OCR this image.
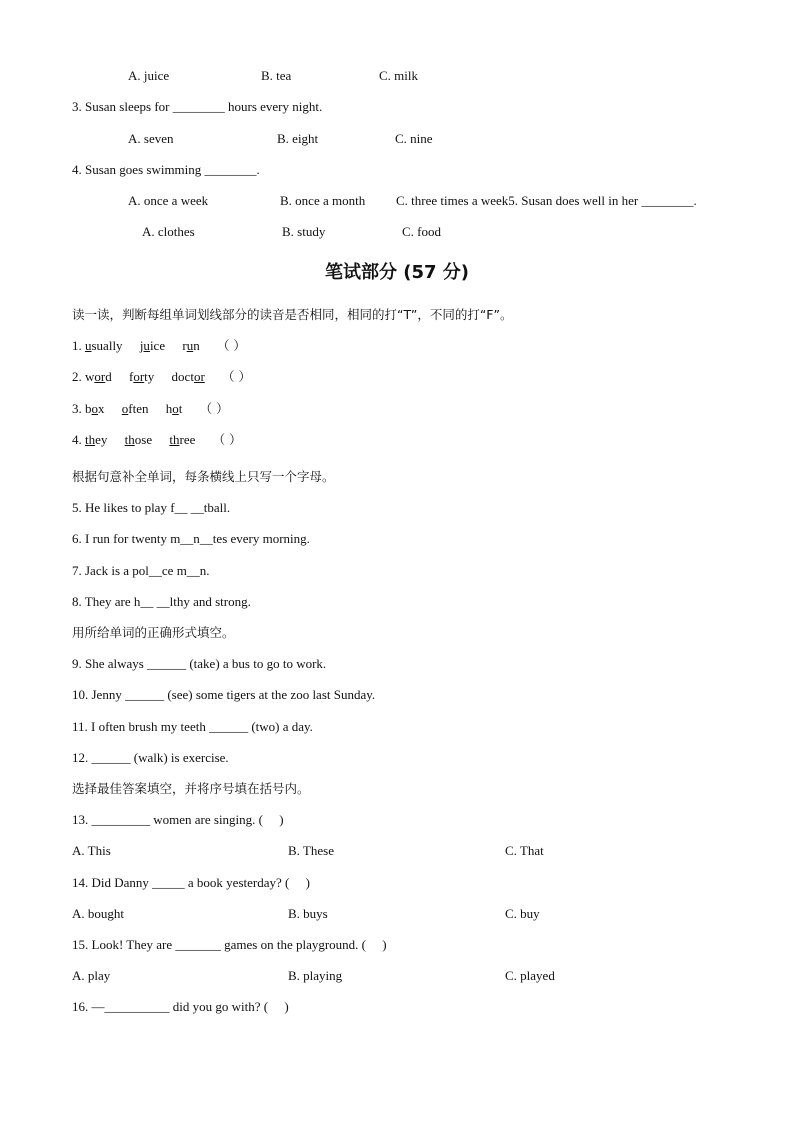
A. juice	B. tea	C. milk
3. Susan sleeps for ________ hours every night.
A. seven	B. eight	C. nine
4. Susan goes swimming ________.
A. once a week	B. once a month C. three times a week5. Susan does well in her ________.
A. clothes	B. study	C. food
笔试部分 (57 分)
读一读，判断每组单词划线部分的读音是否相同，相同的打“T”，不同的打“F”。
1. usually juice run （ ）
2. word forty doctor （ ）
3. box often hot （ ）
4. they those three （ ）
根据句意补全单词，每条横线上只写一个字母。
5. He likes to play f__ __tball.
6. I run for twenty m__n__tes every morning.
7. Jack is a pol__ce m__n.
8. They are h__ __lthy and strong.
用所给单词的正确形式填空。
9. She always ______ (take) a bus to go to work.
10. Jenny ______ (see) some tigers at the zoo last Sunday.
11. I often brush my teeth ______ (two) a day.
12. ______ (walk) is exercise.
选择最佳答案填空，并将序号填在括号内。
13. _________ women are singing. (　 )
A. This	B. These	C. That
14. Did Danny _____ a book yesterday? (　 )
A. bought	B. buys	C. buy
15. Look! They are _______ games on the playground. (　 )
A. play	B. playing	C. played
16. —__________ did you go with? (　 )
